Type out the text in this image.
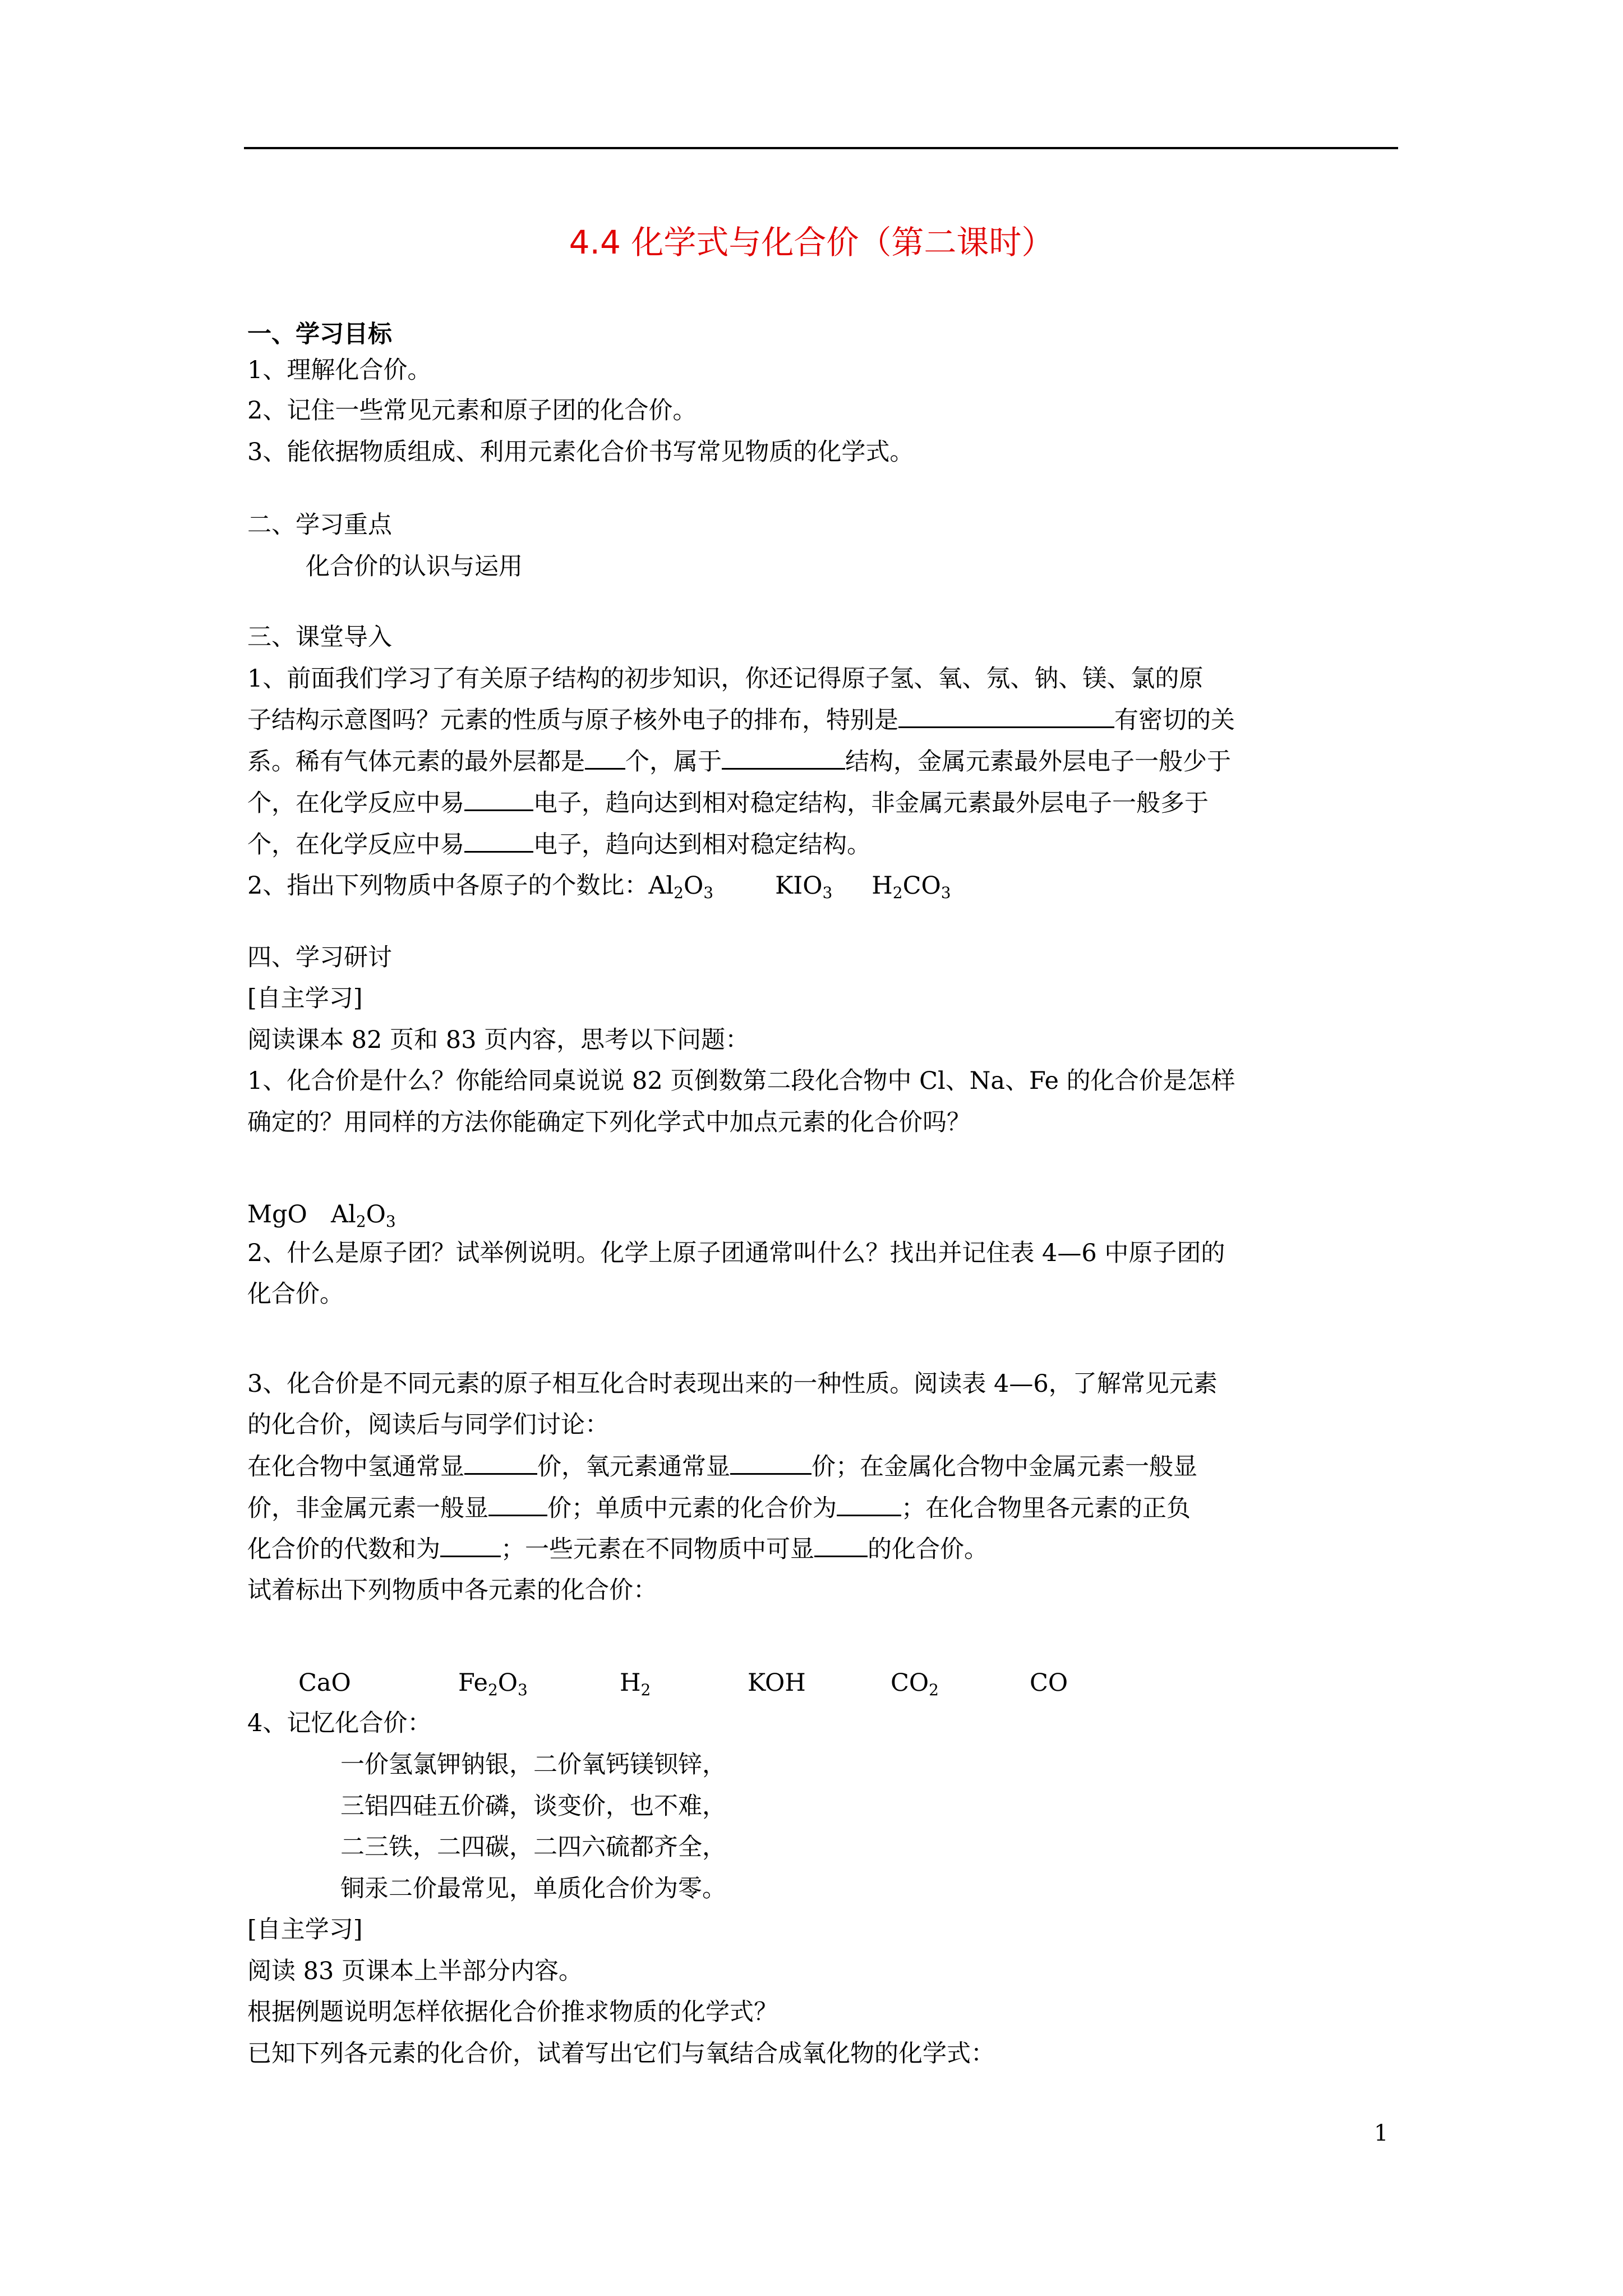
4.4 化学式与化合价（第二课时）
一、学习目标
1、理解化合价。
2、记住一些常见元素和原子团的化合价。
3、能依据物质组成、利用元素化合价书写常见物质的化学式。
二、学习重点
化合价的认识与运用
三、课堂导入
1、前面我们学习了有关原子结构的初步知识，你还记得原子氢、氧、氖、钠、镁、氯的原
子结构示意图吗？元素的性质与原子核外电子的排布，特别是	有密切的关
系。稀有气体元素的最外层都是 个，属于	结构，金属元素最外层电子一般少于
个，在化学反应中易	电子，趋向达到相对稳定结构，非金属元素最外层电子一般多于
个，在化学反应中易	电子，趋向达到相对稳定结构。
2、指出下列物质中各原子的个数比：$Al_2O_3$	$KIO_3$ $H_2CO_3$
四、学习研讨
[自主学习]
阅读课本 82 页和 83 页内容，思考以下问题：
1、化合价是什么？你能给同桌说说 82 页倒数第二段化合物中 Cl、Na、Fe 的化合价是怎样
确定的？用同样的方法你能确定下列化学式中加点元素的化合价吗？
MgO $Al_2O_3$
2、什么是原子团？试举例说明。化学上原子团通常叫什么？找出并记住表 4—6 中原子团的
化合价。
3、化合价是不同元素的原子相互化合时表现出来的一种性质。阅读表 4—6，了解常见元素
的化合价，阅读后与同学们讨论：
在化合物中氢通常显	价，氧元素通常显	价；在金属化合物中金属元素一般显
价，非金属元素一般显 价；单质中元素的化合价为	；在化合物里各元素的正负
化合价的代数和为	；一些元素在不同物质中可显 的化合价。
试着标出下列物质中各元素的化合价：
CaO	$Fe_2O_3$	$H_2$	KOH	$CO_2$	CO
4、记忆化合价：
一价氢氯钾钠银，二价氧钙镁钡锌，
三铝四硅五价磷，谈变价，也不难，
二三铁，二四碳，二四六硫都齐全，
铜汞二价最常见，单质化合价为零。
[自主学习]
阅读 83 页课本上半部分内容。
根据例题说明怎样依据化合价推求物质的化学式？
已知下列各元素的化合价，试着写出它们与氧结合成氧化物的化学式：
1
